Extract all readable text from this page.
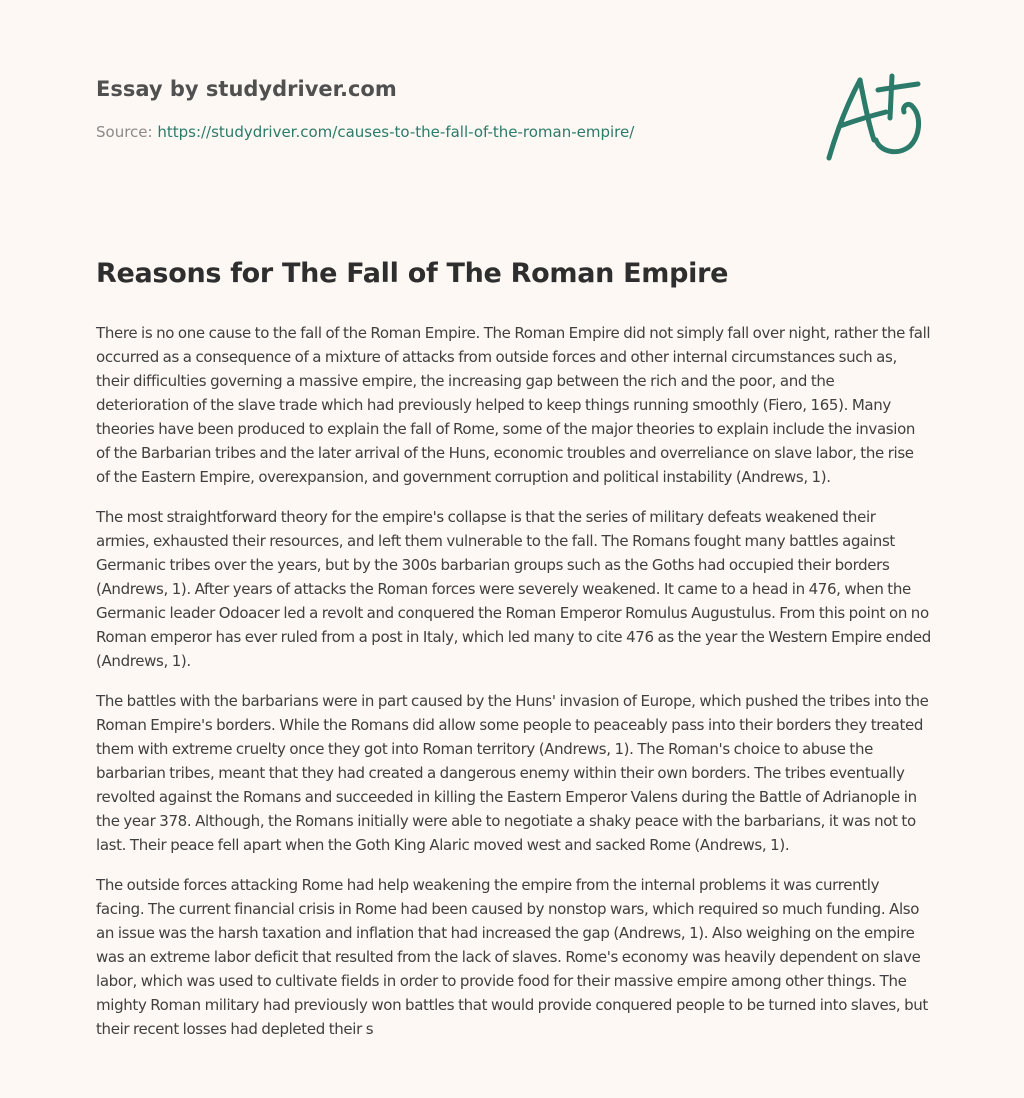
Essay by studydriver.com

Source: https://studydriver.com/causes-to-the-fall-of-the-roman-empire/
Reasons for The Fall of The Roman Empire

There is no one cause to the fall of the Roman Empire. The Roman Empire did not simply fall over night, rather the fall occurred as a consequence of a mixture of attacks from outside forces and other internal circumstances such as, their difficulties governing a massive empire, the increasing gap between the rich and the poor, and the deterioration of the slave trade which had previously helped to keep things running smoothly (Fiero, 165). Many theories have been produced to explain the fall of Rome, some of the major theories to explain include the invasion of the Barbarian tribes and the later arrival of the Huns, economic troubles and overreliance on slave labor, the rise of the Eastern Empire, overexpansion, and government corruption and political instability (Andrews, 1).

The most straightforward theory for the empire's collapse is that the series of military defeats weakened their armies, exhausted their resources, and left them vulnerable to the fall. The Romans fought many battles against Germanic tribes over the years, but by the 300s barbarian groups such as the Goths had occupied their borders (Andrews, 1). After years of attacks the Roman forces were severely weakened. It came to a head in 476, when the Germanic leader Odoacer led a revolt and conquered the Roman Emperor Romulus Augustulus. From this point on no Roman emperor has ever ruled from a post in Italy, which led many to cite 476 as the year the Western Empire ended (Andrews, 1).

The battles with the barbarians were in part caused by the Huns' invasion of Europe, which pushed the tribes into the Roman Empire's borders. While the Romans did allow some people to peaceably pass into their borders they treated them with extreme cruelty once they got into Roman territory (Andrews, 1). The Roman's choice to abuse the barbarian tribes, meant that they had created a dangerous enemy within their own borders. The tribes eventually revolted against the Romans and succeeded in killing the Eastern Emperor Valens during the Battle of Adrianople in the year 378. Although, the Romans initially were able to negotiate a shaky peace with the barbarians, it was not to last. Their peace fell apart when the Goth King Alaric moved west and sacked Rome (Andrews, 1).

The outside forces attacking Rome had help weakening the empire from the internal problems it was currently facing. The current financial crisis in Rome had been caused by nonstop wars, which required so much funding. Also an issue was the harsh taxation and inflation that had increased the gap (Andrews, 1). Also weighing on the empire was an extreme labor deficit that resulted from the lack of slaves. Rome's economy was heavily dependent on slave labor, which was used to cultivate fields in order to provide food for their massive empire among other things. The mighty Roman military had previously won battles that would provide conquered people to be turned into slaves, but their recent losses had depleted their s
